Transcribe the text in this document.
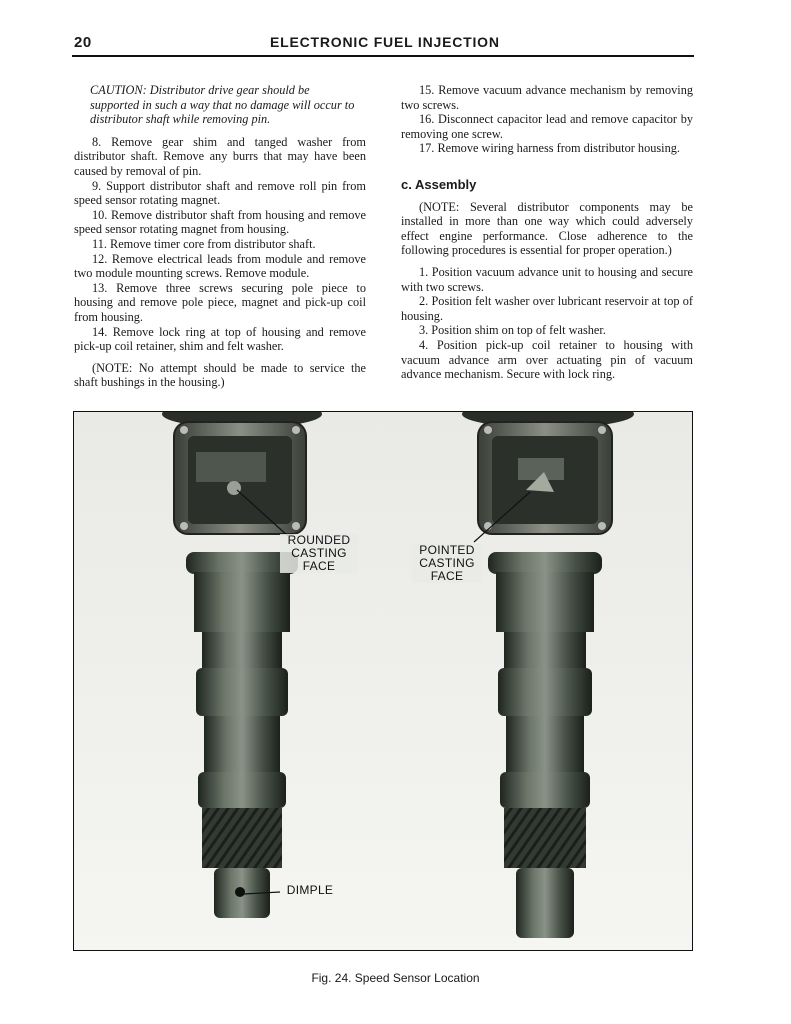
20	ELECTRONIC FUEL INJECTION

CAUTION: Distributor drive gear should be supported in such a way that no damage will occur to distributor shaft while removing pin.

8. Remove gear shim and tanged washer from distributor shaft. Remove any burrs that may have been caused by removal of pin.

9. Support distributor shaft and remove roll pin from speed sensor rotating magnet.

10. Remove distributor shaft from housing and remove speed sensor rotating magnet from housing.

11. Remove timer core from distributor shaft.

12. Remove electrical leads from module and remove two module mounting screws. Remove module.

13. Remove three screws securing pole piece to housing and remove pole piece, magnet and pick-up coil from housing.

14. Remove lock ring at top of housing and remove pick-up coil retainer, shim and felt washer.

(NOTE: No attempt should be made to service the shaft bushings in the housing.)

15. Remove vacuum advance mechanism by removing two screws.

16. Disconnect capacitor lead and remove capacitor by removing one screw.

17. Remove wiring harness from distributor housing.

c. Assembly

(NOTE: Several distributor components may be installed in more than one way which could adversely effect engine performance. Close adherence to the following procedures is essential for proper operation.)

1. Position vacuum advance unit to housing and secure with two screws.

2. Position felt washer over lubricant reservoir at top of housing.

3. Position shim on top of felt washer.

4. Position pick-up coil retainer to housing with vacuum advance arm over actuating pin of vacuum advance mechanism. Secure with lock ring.

ROUNDED
CASTING
FACE
POINTED
CASTING
FACE
DIMPLE
Fig. 24. Speed Sensor Location
